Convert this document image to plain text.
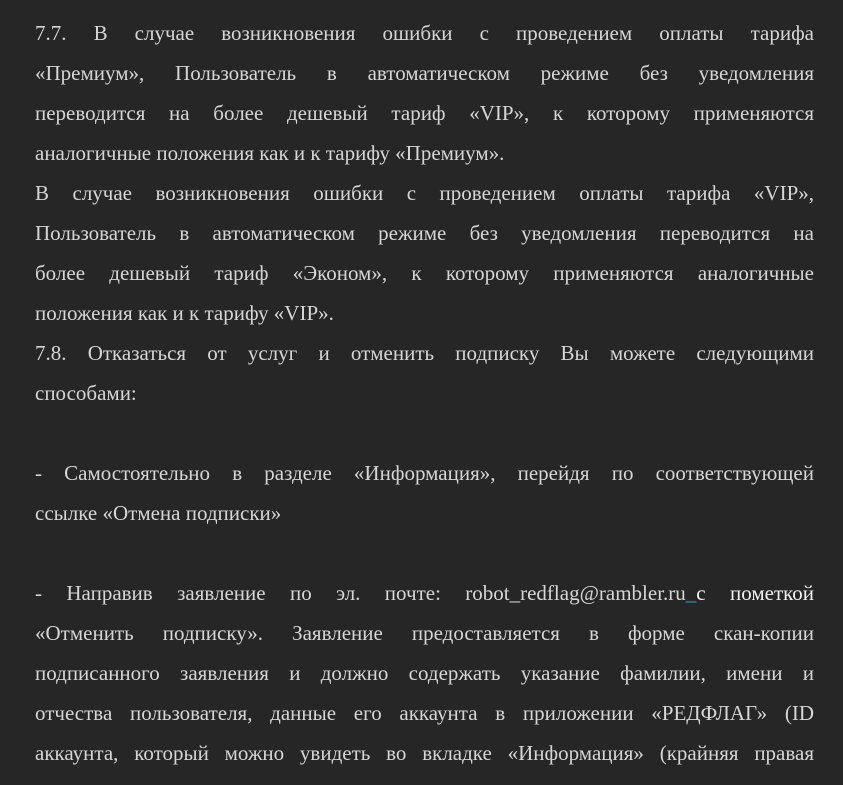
7.7. В случае возникновения ошибки с проведением оплаты тарифа
«Премиум», Пользователь в автоматическом режиме без уведомления
переводится на более дешевый тариф «VIP», к которому применяются
аналогичные положения как и к тарифу «Премиум».
В случае возникновения ошибки с проведением оплаты тарифа «VIP»,
Пользователь в автоматическом режиме без уведомления переводится на
более дешевый тариф «Эконом», к которому применяются аналогичные
положения как и к тарифу «VIP».
7.8. Отказаться от услуг и отменить подписку Вы можете следующими
способами:
- Самостоятельно в разделе «Информация», перейдя по соответствующей
ссылке «Отмена подписки»
- Направив заявление по эл. почте: robot_redflag@rambler.ru_с пометкой
«Отменить подписку». Заявление предоставляется в форме скан-копии
подписанного заявления и должно содержать указание фамилии, имени и
отчества пользователя, данные его аккаунта в приложении «РЕДФЛАГ» (ID
аккаунта, который можно увидеть во вкладке «Информация» (крайняя правая
